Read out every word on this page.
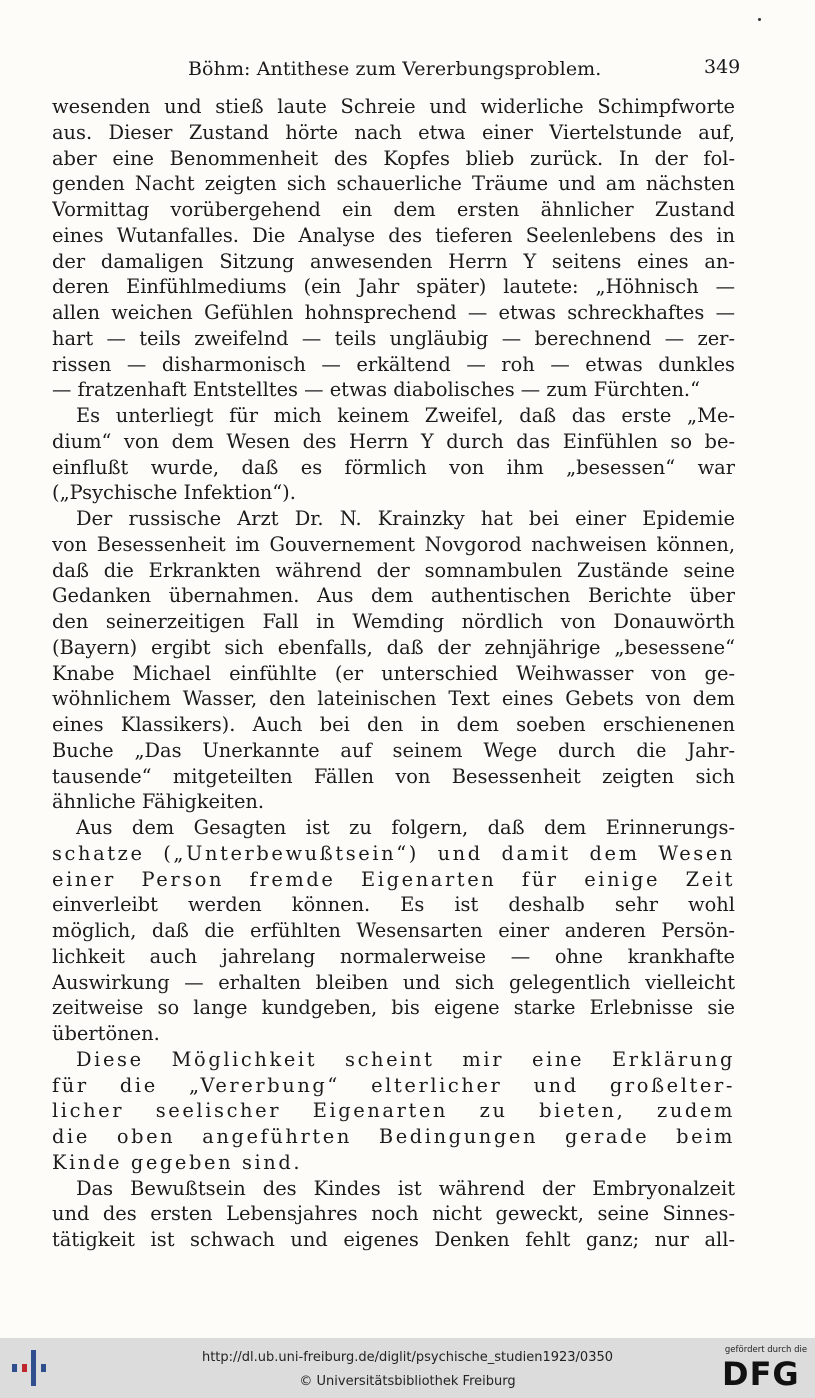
Böhm: Antithese zum Vererbungsproblem.	349
wesenden und stieß laute Schreie und widerliche Schimpfworte
aus. Dieser Zustand hörte nach etwa einer Viertelstunde auf,
aber eine Benommenheit des Kopfes blieb zurück. In der fol-
genden Nacht zeigten sich schauerliche Träume und am nächsten
Vormittag vorübergehend ein dem ersten ähnlicher Zustand
eines Wutanfalles. Die Analyse des tieferen Seelenlebens des in
der damaligen Sitzung anwesenden Herrn Y seitens eines an-
deren Einfühlmediums (ein Jahr später) lautete: „Höhnisch —
allen weichen Gefühlen hohnsprechend — etwas schreckhaftes —
hart — teils zweifelnd — teils ungläubig — berechnend — zer-
rissen — disharmonisch — erkältend — roh — etwas dunkles
— fratzenhaft Entstelltes — etwas diabolisches — zum Fürchten.“
Es unterliegt für mich keinem Zweifel, daß das erste „Me-
dium“ von dem Wesen des Herrn Y durch das Einfühlen so be-
einflußt wurde, daß es förmlich von ihm „besessen“ war
(„Psychische Infektion“).
Der russische Arzt Dr. N. Krainzky hat bei einer Epidemie
von Besessenheit im Gouvernement Novgorod nachweisen können,
daß die Erkrankten während der somnambulen Zustände seine
Gedanken übernahmen. Aus dem authentischen Berichte über
den seinerzeitigen Fall in Wemding nördlich von Donauwörth
(Bayern) ergibt sich ebenfalls, daß der zehnjährige „besessene“
Knabe Michael einfühlte (er unterschied Weihwasser von ge-
wöhnlichem Wasser, den lateinischen Text eines Gebets von dem
eines Klassikers). Auch bei den in dem soeben erschienenen
Buche „Das Unerkannte auf seinem Wege durch die Jahr-
tausende“ mitgeteilten Fällen von Besessenheit zeigten sich
ähnliche Fähigkeiten.
Aus dem Gesagten ist zu folgern, daß dem Erinnerungs-
schatze („Unterbewußtsein“) und damit dem Wesen
einer Person fremde Eigenarten für einige Zeit
einverleibt werden können. Es ist deshalb sehr wohl
möglich, daß die erfühlten Wesensarten einer anderen Persön-
lichkeit auch jahrelang normalerweise — ohne krankhafte
Auswirkung — erhalten bleiben und sich gelegentlich vielleicht
zeitweise so lange kundgeben, bis eigene starke Erlebnisse sie
übertönen.
Diese Möglichkeit scheint mir eine Erklärung
für die „Vererbung“ elterlicher und großelter-
licher seelischer Eigenarten zu bieten, zudem
die oben angeführten Bedingungen gerade beim
Kinde gegeben sind.
Das Bewußtsein des Kindes ist während der Embryonalzeit
und des ersten Lebensjahres noch nicht geweckt, seine Sinnes-
tätigkeit ist schwach und eigenes Denken fehlt ganz; nur all-
http://dl.ub.uni-freiburg.de/diglit/psychische_studien1923/0350
© Universitätsbibliothek Freiburg
gefördert durch die
DFG
